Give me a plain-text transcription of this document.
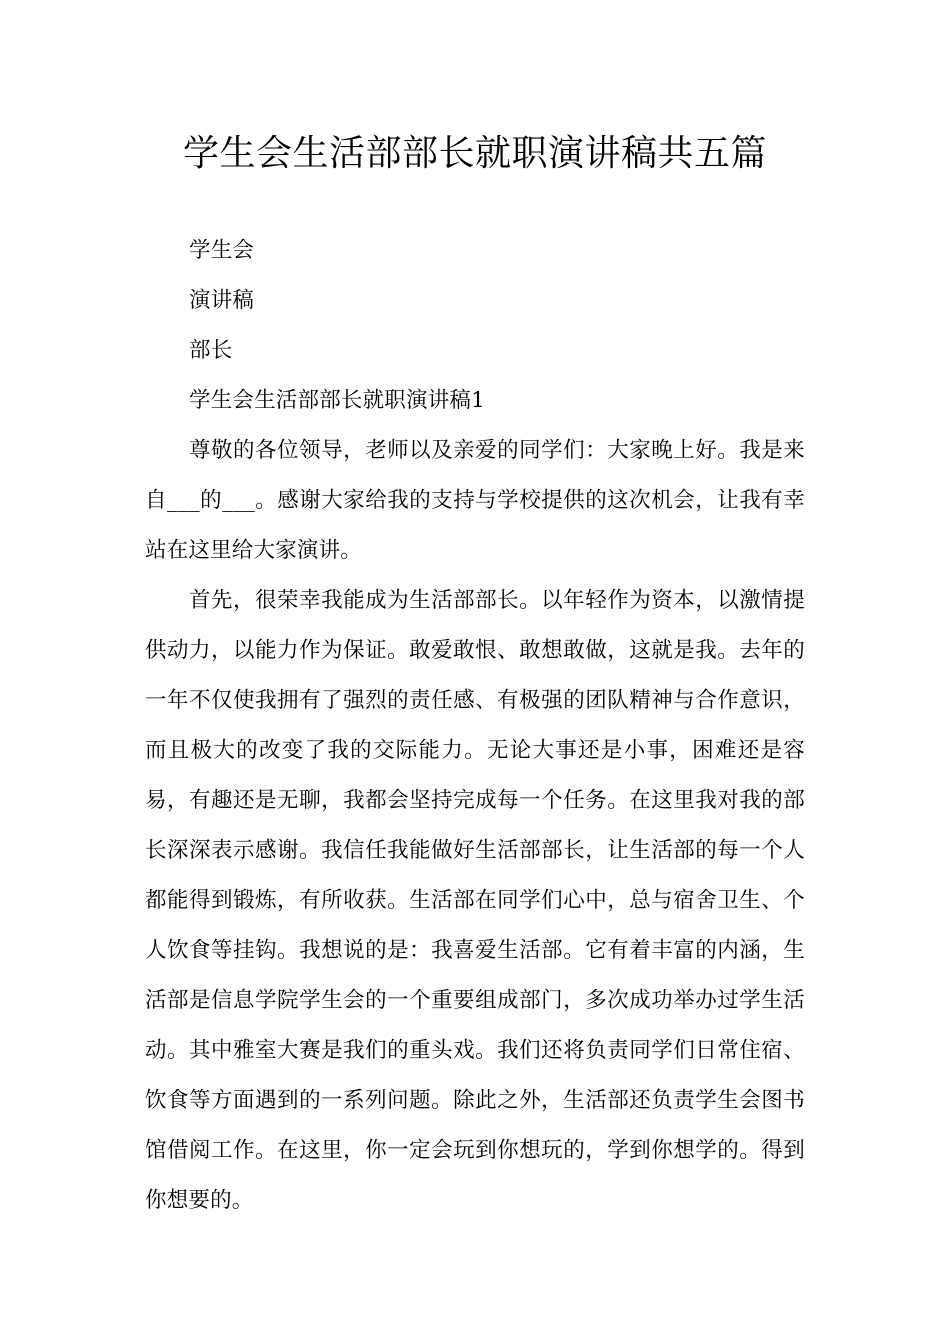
学生会生活部部长就职演讲稿共五篇

学生会

演讲稿

部长

学生会生活部部长就职演讲稿1

尊敬的各位领导，老师以及亲爱的同学们：大家晚上好。我是来自___的___。感谢大家给我的支持与学校提供的这次机会，让我有幸站在这里给大家演讲。

首先，很荣幸我能成为生活部部长。以年轻作为资本，以激情提供动力，以能力作为保证。敢爱敢恨、敢想敢做，这就是我。去年的一年不仅使我拥有了强烈的责任感、有极强的团队精神与合作意识，而且极大的改变了我的交际能力。无论大事还是小事，困难还是容易，有趣还是无聊，我都会坚持完成每一个任务。在这里我对我的部长深深表示感谢。我信任我能做好生活部部长，让生活部的每一个人都能得到锻炼，有所收获。生活部在同学们心中，总与宿舍卫生、个人饮食等挂钩。我想说的是：我喜爱生活部。它有着丰富的内涵，生活部是信息学院学生会的一个重要组成部门，多次成功举办过学生活动。其中雅室大赛是我们的重头戏。我们还将负责同学们日常住宿、饮食等方面遇到的一系列问题。除此之外，生活部还负责学生会图书馆借阅工作。在这里，你一定会玩到你想玩的，学到你想学的。得到你想要的。
